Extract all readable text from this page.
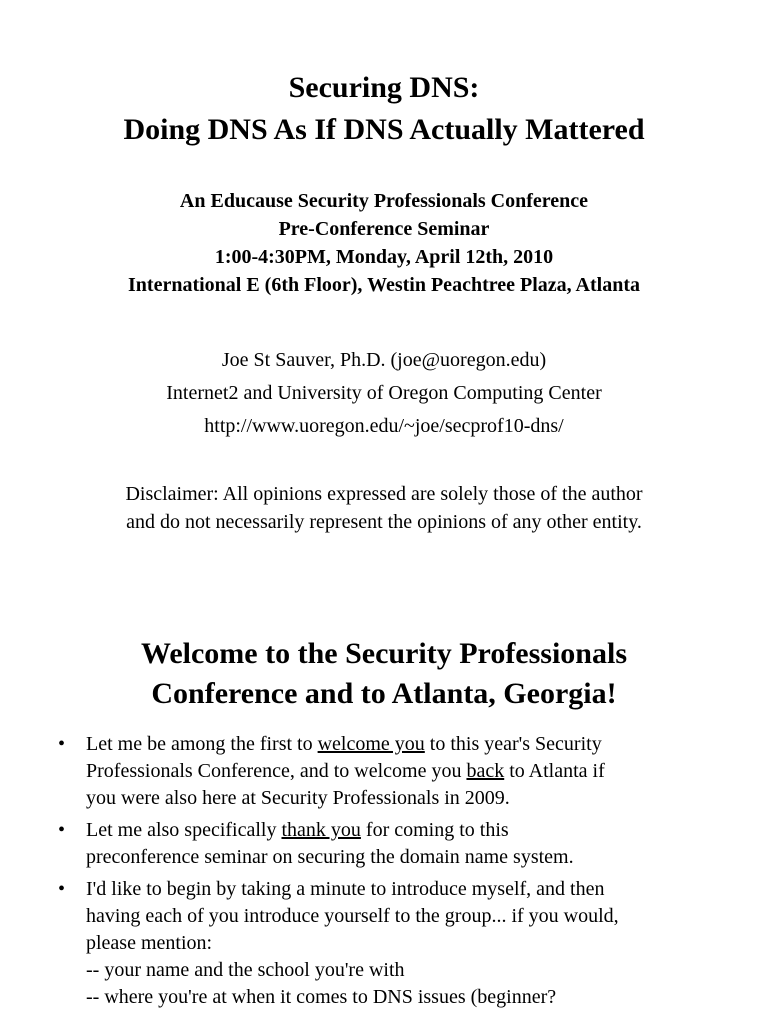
Securing DNS:
Doing DNS As If DNS Actually Mattered
An Educause Security Professionals Conference
Pre-Conference Seminar
1:00-4:30PM, Monday, April 12th, 2010
International E (6th Floor), Westin Peachtree Plaza, Atlanta
Joe St Sauver, Ph.D. (joe@uoregon.edu)
Internet2 and University of Oregon Computing Center
http://www.uoregon.edu/~joe/secprof10-dns/
Disclaimer: All opinions expressed are solely those of the author
and do not necessarily represent the opinions of any other entity.
Welcome to the Security Professionals
Conference and to Atlanta, Georgia!
• Let me be among the first to welcome you to this year's Security
Professionals Conference, and to welcome you back to Atlanta if
you were also here at Security Professionals in 2009.
• Let me also specifically thank you for coming to this
preconference seminar on securing the domain name system.
• I'd like to begin by taking a minute to introduce myself, and then
having each of you introduce yourself to the group... if you would,
please mention:
-- your name and the school you're with
-- where you're at when it comes to DNS issues (beginner?
